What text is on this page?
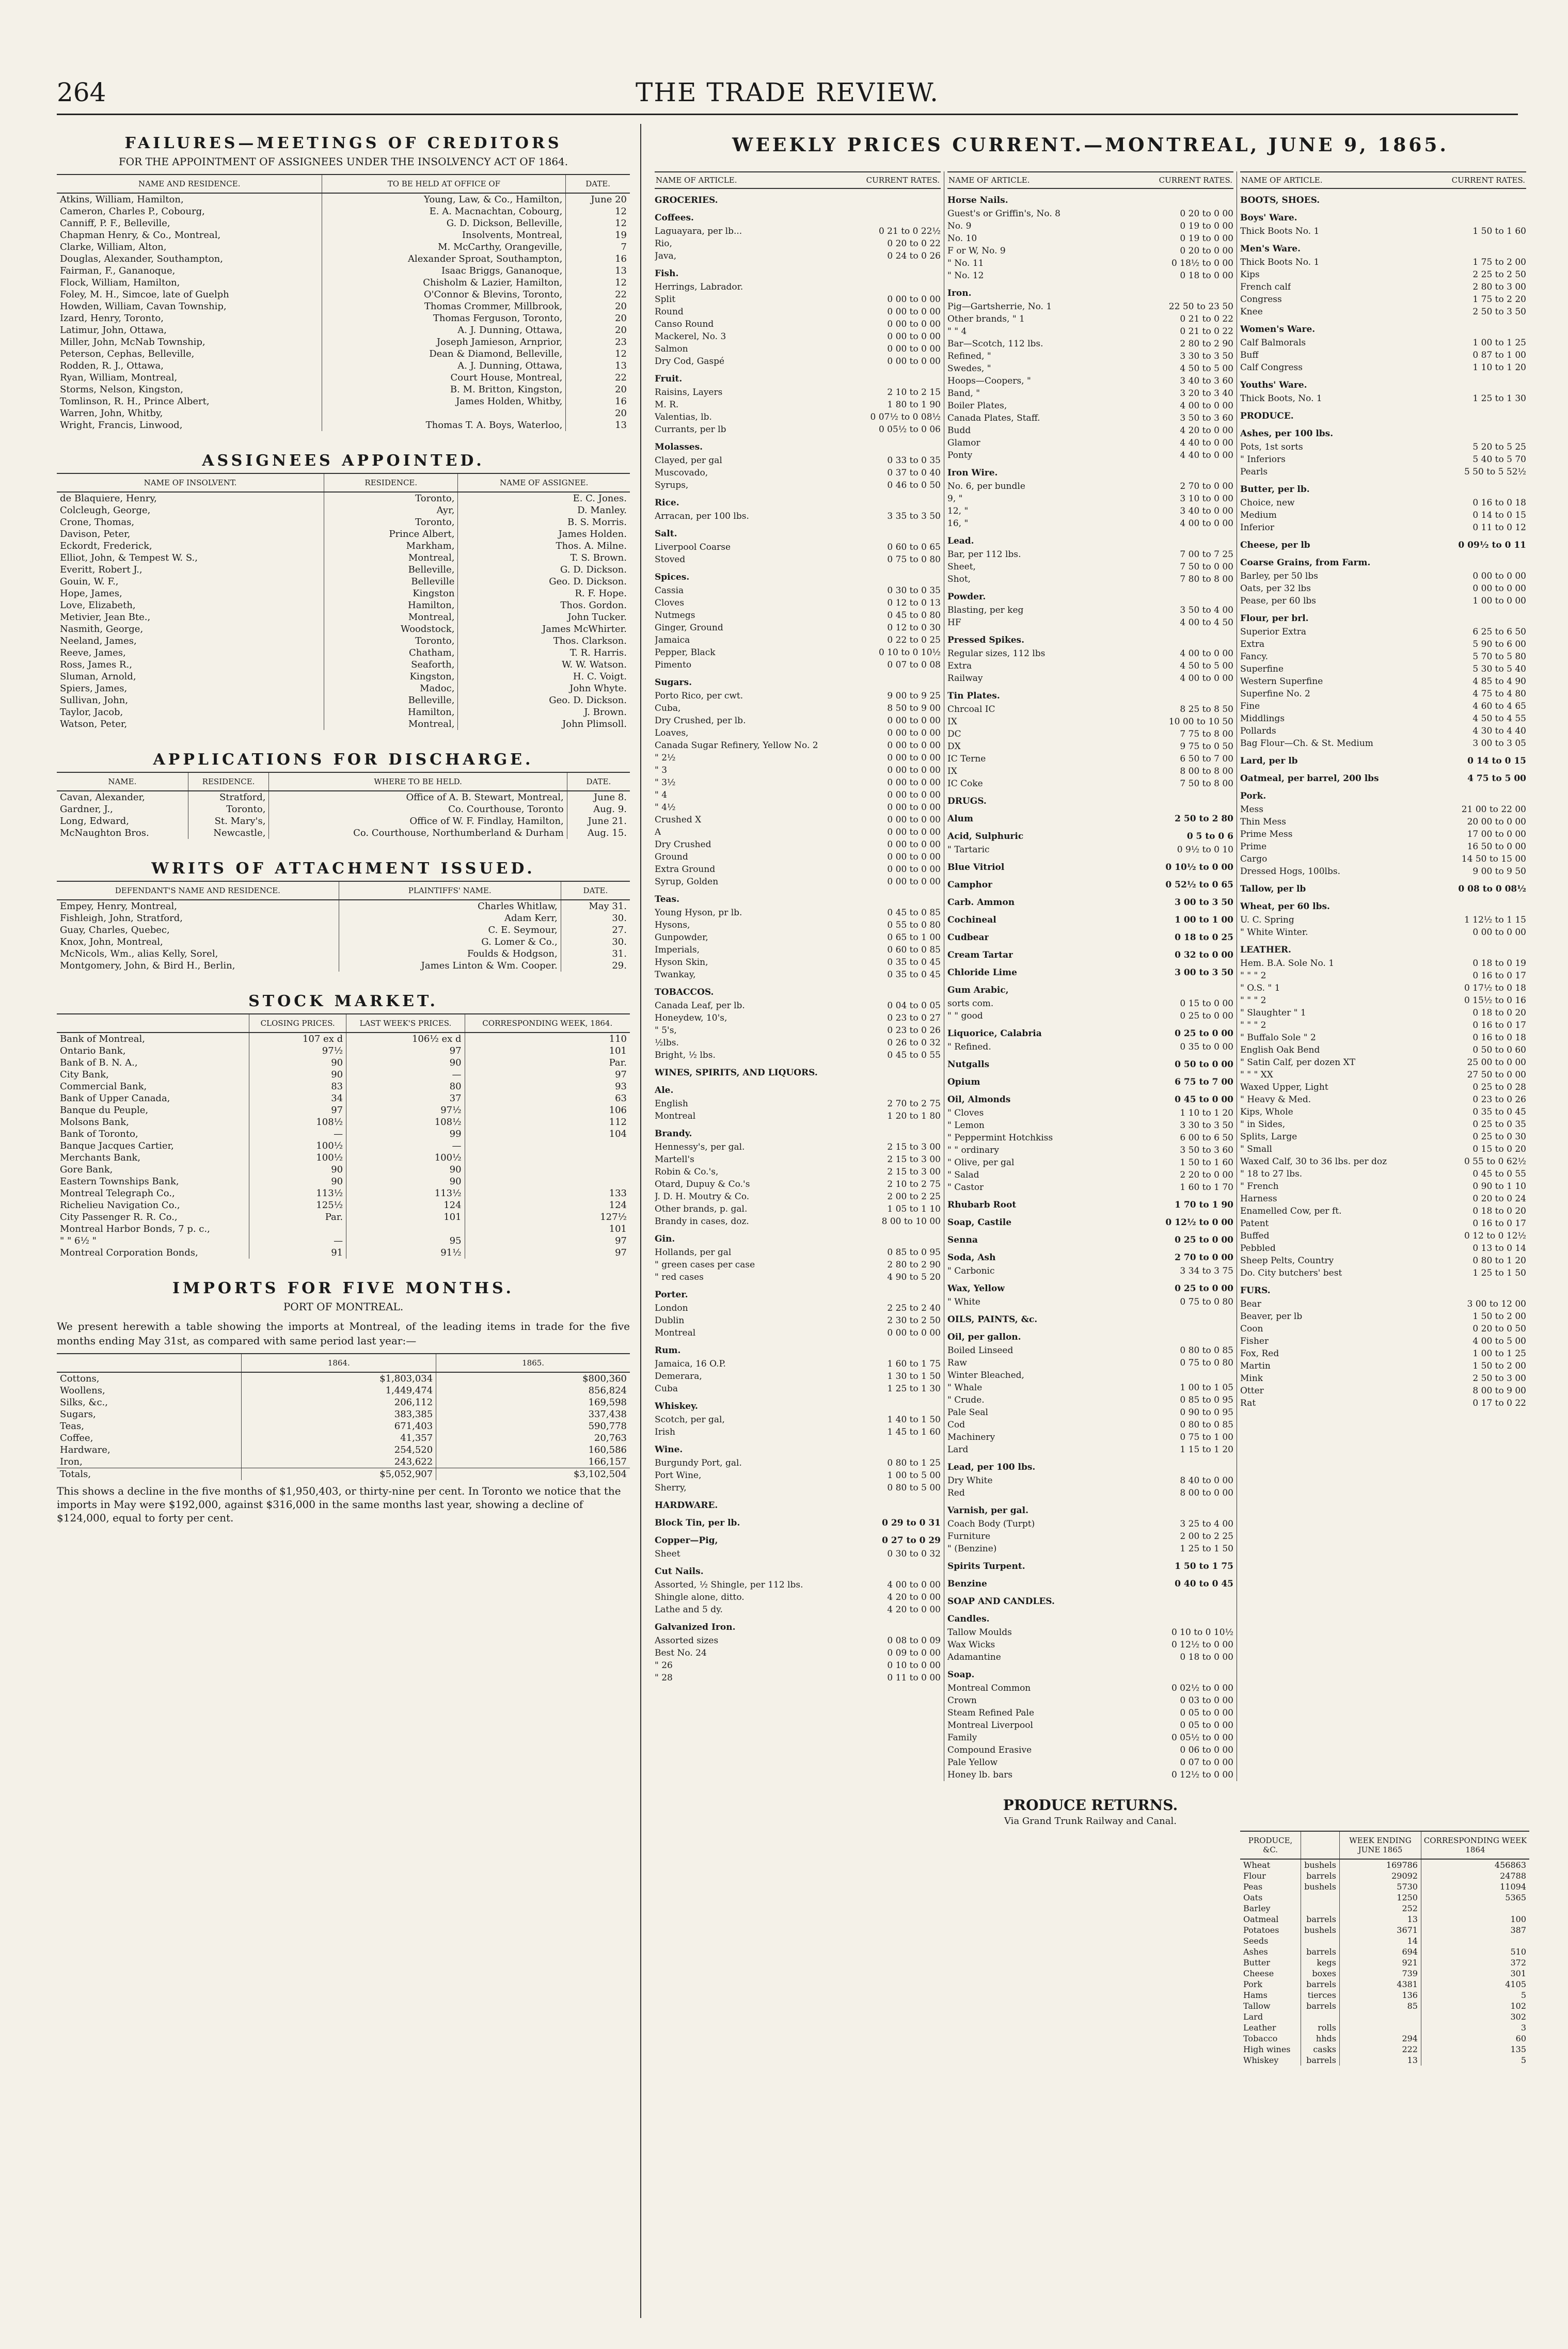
264	THE TRADE REVIEW.
FAILURES—MEETINGS OF CREDITORS
FOR THE APPOINTMENT OF ASSIGNEES UNDER THE INSOLVENCY ACT OF 1864.
NAME AND RESIDENCE.	TO BE HELD AT OFFICE OF	DATE.
Atkins, William, Hamilton,	Young, Law, & Co., Hamilton,	June 20
Cameron, Charles P., Cobourg,	E. A. Macnachtan, Cobourg,	12
Canniff, P. F., Belleville,	G. D. Dickson, Belleville,	12
Chapman Henry, & Co., Montreal,	Insolvents, Montreal,	19
Clarke, William, Alton,	M. McCarthy, Orangeville,	7
Douglas, Alexander, Southampton,	Alexander Sproat, Southampton,	16
Fairman, F., Gananoque,	Isaac Briggs, Gananoque,	13
Flock, William, Hamilton,	Chisholm & Lazier, Hamilton,	12
Foley, M. H., Simcoe, late of Guelph	O'Connor & Blevins, Toronto,	22
Howden, William, Cavan Township,	Thomas Crommer, Millbrook,	20
Izard, Henry, Toronto,	Thomas Ferguson, Toronto,	20
Latimur, John, Ottawa,	A. J. Dunning, Ottawa,	20
Miller, John, McNab Township,	Joseph Jamieson, Arnprior,	23
Peterson, Cephas, Belleville,	Dean & Diamond, Belleville,	12
Rodden, R. J., Ottawa,	A. J. Dunning, Ottawa,	13
Ryan, William, Montreal,	Court House, Montreal,	22
Storms, Nelson, Kingston,	B. M. Britton, Kingston,	20
Tomlinson, R. H., Prince Albert,	James Holden, Whitby,	16
Warren, John, Whitby,		20
Wright, Francis, Linwood,	Thomas T. A. Boys, Waterloo,	13
ASSIGNEES APPOINTED.
NAME OF INSOLVENT.	RESIDENCE.	NAME OF ASSIGNEE.
de Blaquiere, Henry,	Toronto,	E. C. Jones.
Colcleugh, George,	Ayr,	D. Manley.
Crone, Thomas,	Toronto,	B. S. Morris.
Davison, Peter,	Prince Albert,	James Holden.
Eckordt, Frederick,	Markham,	Thos. A. Milne.
Elliot, John, & Tempest W. S.,	Montreal,	T. S. Brown.
Everitt, Robert J.,	Belleville,	G. D. Dickson.
Gouin, W. F.,	Belleville	Geo. D. Dickson.
Hope, James,	Kingston	R. F. Hope.
Love, Elizabeth,	Hamilton,	Thos. Gordon.
Metivier, Jean Bte.,	Montreal,	John Tucker.
Nasmith, George,	Woodstock,	James McWhirter.
Neeland, James,	Toronto,	Thos. Clarkson.
Reeve, James,	Chatham,	T. R. Harris.
Ross, James R.,	Seaforth,	W. W. Watson.
Sluman, Arnold,	Kingston,	H. C. Voigt.
Spiers, James,	Madoc,	John Whyte.
Sullivan, John,	Belleville,	Geo. D. Dickson.
Taylor, Jacob,	Hamilton,	J. Brown.
Watson, Peter,	Montreal,	John Plimsoll.
APPLICATIONS FOR DISCHARGE.
NAME.	RESIDENCE.	WHERE TO BE HELD.	DATE.
Cavan, Alexander,	Stratford,	Office of A. B. Stewart, Montreal,	June 8.
Gardner, J.,	Toronto,	Co. Courthouse, Toronto	Aug. 9.
Long, Edward,	St. Mary's,	Office of W. F. Findlay, Hamilton,	June 21.
McNaughton Bros.	Newcastle,	Co. Courthouse, Northumberland & Durham	Aug. 15.
WRITS OF ATTACHMENT ISSUED.
DEFENDANT'S NAME AND RESIDENCE.	PLAINTIFFS' NAME.	DATE.
Empey, Henry, Montreal,	Charles Whitlaw,	May 31.
Fishleigh, John, Stratford,	Adam Kerr,	30.
Guay, Charles, Quebec,	C. E. Seymour,	27.
Knox, John, Montreal,	G. Lomer & Co.,	30.
McNicols, Wm., alias Kelly, Sorel,	Foulds & Hodgson,	31.
Montgomery, John, & Bird H., Berlin,	James Linton & Wm. Cooper.	29.
STOCK MARKET.
	CLOSING PRICES.	LAST WEEK'S PRICES.	CORRESPONDING WEEK, 1864.
Bank of Montreal,	107 ex d	106½ ex d	110
Ontario Bank,	97½	97	101
Bank of B. N. A.,	90	90	Par.
City Bank,	90	—	97
Commercial Bank,	83	80	93
Bank of Upper Canada,	34	37	63
Banque du Peuple,	97	97½	106
Molsons Bank,	108½	108½	112
Bank of Toronto,	—	99	104
Banque Jacques Cartier,	100½	—	
Merchants Bank,	100½	100½	
Gore Bank,	90	90	
Eastern Townships Bank,	90	90	
Montreal Telegraph Co.,	113½	113½	133
Richelieu Navigation Co.,	125½	124	124
City Passenger R. R. Co.,	Par.	101	127½
Montreal Harbor Bonds, 7 p. c.,			101
" " 6½ "	—	95	97
Montreal Corporation Bonds,	91	91½	97
IMPORTS FOR FIVE MONTHS.
PORT OF MONTREAL.

We present herewith a table showing the imports at Montreal, of the leading items in trade for the five months ending May 31st, as compared with same period last year:—

	1864.	1865.
Cottons,	$1,803,034	$800,360
Woollens,	1,449,474	856,824
Silks, &c.,	206,112	169,598
Sugars,	383,385	337,438
Teas,	671,403	590,778
Coffee,	41,357	20,763
Hardware,	254,520	160,586
Iron,	243,622	166,157
Totals,	$5,052,907	$3,102,504

This shows a decline in the five months of $1,950,403, or thirty-nine per cent. In Toronto we notice that the imports in May were $192,000, against $316,000 in the same months last year, showing a decline of $124,000, equal to forty per cent.

WEEKLY PRICES CURRENT.—MONTREAL, JUNE 9, 1865.
NAME OF ARTICLE.	CURRENT RATES.
GROCERIES.
Coffees.
Laguayara, per lb...	0 21 to 0 22½
Rio,	0 20 to 0 22
Java,	0 24 to 0 26
Fish.
Herrings, Labrador.
Split	0 00 to 0 00
Round	0 00 to 0 00
Canso Round	0 00 to 0 00
Mackerel, No. 3	0 00 to 0 00
Salmon	0 00 to 0 00
Dry Cod, Gaspé	0 00 to 0 00
Fruit.
Raisins, Layers	2 10 to 2 15
M. R.	1 80 to 1 90
Valentias, lb.	0 07½ to 0 08½
Currants, per lb	0 05½ to 0 06
Molasses.
Clayed, per gal	0 33 to 0 35
Muscovado,	0 37 to 0 40
Syrups,	0 46 to 0 50
Rice.
Arracan, per 100 lbs.	3 35 to 3 50
Salt.
Liverpool Coarse	0 60 to 0 65
Stoved	0 75 to 0 80
Spices.
Cassia	0 30 to 0 35
Cloves	0 12 to 0 13
Nutmegs	0 45 to 0 80
Ginger, Ground	0 12 to 0 30
Jamaica	0 22 to 0 25
Pepper, Black	0 10 to 0 10½
Pimento	0 07 to 0 08
Sugars.
Porto Rico, per cwt.	9 00 to 9 25
Cuba,	8 50 to 9 00
Dry Crushed, per lb.	0 00 to 0 00
Loaves,	0 00 to 0 00
Canada Sugar Refinery, Yellow No. 2	0 00 to 0 00
" 2½	0 00 to 0 00
" 3	0 00 to 0 00
" 3½	0 00 to 0 00
" 4	0 00 to 0 00
" 4½	0 00 to 0 00
Crushed X	0 00 to 0 00
A	0 00 to 0 00
Dry Crushed	0 00 to 0 00
Ground	0 00 to 0 00
Extra Ground	0 00 to 0 00
Syrup, Golden	0 00 to 0 00
Teas.
Young Hyson, pr lb.	0 45 to 0 85
Hysons,	0 55 to 0 80
Gunpowder,	0 65 to 1 00
Imperials,	0 60 to 0 85
Hyson Skin,	0 35 to 0 45
Twankay,	0 35 to 0 45
TOBACCOS.
Canada Leaf, per lb.	0 04 to 0 05
Honeydew, 10's,	0 23 to 0 27
" 5's,	0 23 to 0 26
½lbs.	0 26 to 0 32
Bright, ½ lbs.	0 45 to 0 55
WINES, SPIRITS, AND LIQUORS.
Ale.
English	2 70 to 2 75
Montreal	1 20 to 1 80
Brandy.
Hennessy's, per gal.	2 15 to 3 00
Martell's	2 15 to 3 00
Robin & Co.'s,	2 15 to 3 00
Otard, Dupuy & Co.'s	2 10 to 2 75
J. D. H. Moutry & Co.	2 00 to 2 25
Other brands, p. gal.	1 05 to 1 10
Brandy in cases, doz.	8 00 to 10 00
Gin.
Hollands, per gal	0 85 to 0 95
" green cases per case	2 80 to 2 90
" red cases	4 90 to 5 20
Porter.
London	2 25 to 2 40
Dublin	2 30 to 2 50
Montreal	0 00 to 0 00
Rum.
Jamaica, 16 O.P.	1 60 to 1 75
Demerara,	1 30 to 1 50
Cuba	1 25 to 1 30
Whiskey.
Scotch, per gal,	1 40 to 1 50
Irish	1 45 to 1 60
Wine.
Burgundy Port, gal.	0 80 to 1 25
Port Wine,	1 00 to 5 00
Sherry,	0 80 to 5 00
HARDWARE.
Block Tin, per lb.	0 29 to 0 31
Copper—Pig,	0 27 to 0 29
Sheet	0 30 to 0 32
Cut Nails.
Assorted, ½ Shingle, per 112 lbs.	4 00 to 0 00
Shingle alone, ditto.	4 20 to 0 00
Lathe and 5 dy.	4 20 to 0 00
Galvanized Iron.
Assorted sizes	0 08 to 0 09
Best No. 24	0 09 to 0 00
" 26	0 10 to 0 00
" 28	0 11 to 0 00
NAME OF ARTICLE.	CURRENT RATES.
Horse Nails.
Guest's or Griffin's, No. 8	0 20 to 0 00
No. 9	0 19 to 0 00
No. 10	0 19 to 0 00
F or W, No. 9	0 20 to 0 00
" No. 11	0 18½ to 0 00
" No. 12	0 18 to 0 00
Iron.
Pig—Gartsherrie, No. 1	22 50 to 23 50
Other brands, " 1	0 21 to 0 22
" " 4	0 21 to 0 22
Bar—Scotch, 112 lbs.	2 80 to 2 90
Refined, "	3 30 to 3 50
Swedes, "	4 50 to 5 00
Hoops—Coopers, "	3 40 to 3 60
Band, "	3 20 to 3 40
Boiler Plates,	4 00 to 0 00
Canada Plates, Staff.	3 50 to 3 60
Budd	4 20 to 0 00
Glamor	4 40 to 0 00
Ponty	4 40 to 0 00
Iron Wire.
No. 6, per bundle	2 70 to 0 00
9, "	3 10 to 0 00
12, "	3 40 to 0 00
16, "	4 00 to 0 00
Lead.
Bar, per 112 lbs.	7 00 to 7 25
Sheet,	7 50 to 0 00
Shot,	7 80 to 8 00
Powder.
Blasting, per keg	3 50 to 4 00
HF	4 00 to 4 50
Pressed Spikes.
Regular sizes, 112 lbs	4 00 to 0 00
Extra	4 50 to 5 00
Railway	4 00 to 0 00
Tin Plates.
Chrcoal IC	8 25 to 8 50
IX	10 00 to 10 50
DC	7 75 to 8 00
DX	9 75 to 0 50
IC Terne	6 50 to 7 00
IX	8 00 to 8 00
IC Coke	7 50 to 8 00
DRUGS.
Alum	2 50 to 2 80
Acid, Sulphuric	0 5 to 0 6
" Tartaric	0 9½ to 0 10
Blue Vitriol	0 10½ to 0 00
Camphor	0 52½ to 0 65
Carb. Ammon	3 00 to 3 50
Cochineal	1 00 to 1 00
Cudbear	0 18 to 0 25
Cream Tartar	0 32 to 0 00
Chloride Lime	3 00 to 3 50
Gum Arabic,
sorts com.	0 15 to 0 00
" " good	0 25 to 0 00
Liquorice, Calabria	0 25 to 0 00
" Refined.	0 35 to 0 00
Nutgalls	0 50 to 0 00
Opium	6 75 to 7 00
Oil, Almonds	0 45 to 0 00
" Cloves	1 10 to 1 20
" Lemon	3 30 to 3 50
" Peppermint Hotchkiss	6 00 to 6 50
" " ordinary	3 50 to 3 60
" Olive, per gal	1 50 to 1 60
" Salad	2 20 to 0 00
" Castor	1 60 to 1 70
Rhubarb Root	1 70 to 1 90
Soap, Castile	0 12½ to 0 00
Senna	0 25 to 0 00
Soda, Ash	2 70 to 0 00
" Carbonic	3 34 to 3 75
Wax, Yellow	0 25 to 0 00
" White	0 75 to 0 80
OILS, PAINTS, &c.
Oil, per gallon.
Boiled Linseed	0 80 to 0 85
Raw	0 75 to 0 80
Winter Bleached,
" Whale	1 00 to 1 05
" Crude.	0 85 to 0 95
Pale Seal	0 90 to 0 95
Cod	0 80 to 0 85
Machinery	0 75 to 1 00
Lard	1 15 to 1 20
Lead, per 100 lbs.
Dry White	8 40 to 0 00
Red	8 00 to 0 00
Varnish, per gal.
Coach Body (Turpt)	3 25 to 4 00
Furniture	2 00 to 2 25
" (Benzine)	1 25 to 1 50
Spirits Turpent.	1 50 to 1 75
Benzine	0 40 to 0 45
SOAP AND CANDLES.
Candles.
Tallow Moulds	0 10 to 0 10½
Wax Wicks	0 12½ to 0 00
Adamantine	0 18 to 0 00
Soap.
Montreal Common	0 02½ to 0 00
Crown	0 03 to 0 00
Steam Refined Pale	0 05 to 0 00
Montreal Liverpool	0 05 to 0 00
Family	0 05½ to 0 00
Compound Erasive	0 06 to 0 00
Pale Yellow	0 07 to 0 00
Honey lb. bars	0 12½ to 0 00
NAME OF ARTICLE.	CURRENT RATES.
BOOTS, SHOES.
Boys' Ware.
Thick Boots No. 1	1 50 to 1 60
Men's Ware.
Thick Boots No. 1	1 75 to 2 00
Kips	2 25 to 2 50
French calf	2 80 to 3 00
Congress	1 75 to 2 20
Knee	2 50 to 3 50
Women's Ware.
Calf Balmorals	1 00 to 1 25
Buff	0 87 to 1 00
Calf Congress	1 10 to 1 20
Youths' Ware.
Thick Boots, No. 1	1 25 to 1 30
PRODUCE.
Ashes, per 100 lbs.
Pots, 1st sorts	5 20 to 5 25
" Inferiors	5 40 to 5 70
Pearls	5 50 to 5 52½
Butter, per lb.
Choice, new	0 16 to 0 18
Medium	0 14 to 0 15
Inferior	0 11 to 0 12
Cheese, per lb	0 09½ to 0 11
Coarse Grains, from Farm.
Barley, per 50 lbs	0 00 to 0 00
Oats, per 32 lbs	0 00 to 0 00
Pease, per 60 lbs	1 00 to 0 00
Flour, per brl.
Superior Extra	6 25 to 6 50
Extra	5 90 to 6 00
Fancy.	5 70 to 5 80
Superfine	5 30 to 5 40
Western Superfine	4 85 to 4 90
Superfine No. 2	4 75 to 4 80
Fine	4 60 to 4 65
Middlings	4 50 to 4 55
Pollards	4 30 to 4 40
Bag Flour—Ch. & St. Medium	3 00 to 3 05
Lard, per lb	0 14 to 0 15
Oatmeal, per barrel, 200 lbs	4 75 to 5 00
Pork.
Mess	21 00 to 22 00
Thin Mess	20 00 to 0 00
Prime Mess	17 00 to 0 00
Prime	16 50 to 0 00
Cargo	14 50 to 15 00
Dressed Hogs, 100lbs.	9 00 to 9 50
Tallow, per lb	0 08 to 0 08½
Wheat, per 60 lbs.
U. C. Spring	1 12½ to 1 15
" White Winter.	0 00 to 0 00
LEATHER.
Hem. B.A. Sole No. 1	0 18 to 0 19
" " " 2	0 16 to 0 17
" O.S. " 1	0 17½ to 0 18
" " " 2	0 15½ to 0 16
" Slaughter " 1	0 18 to 0 20
" " " 2	0 16 to 0 17
" Buffalo Sole " 2	0 16 to 0 18
English Oak Bend	0 50 to 0 60
" Satin Calf, per dozen XT	25 00 to 0 00
" " " XX	27 50 to 0 00
Waxed Upper, Light	0 25 to 0 28
" Heavy & Med.	0 23 to 0 26
Kips, Whole	0 35 to 0 45
" in Sides,	0 25 to 0 35
Splits, Large	0 25 to 0 30
" Small	0 15 to 0 20
Waxed Calf, 30 to 36 lbs. per doz	0 55 to 0 62½
" 18 to 27 lbs.	0 45 to 0 55
" French	0 90 to 1 10
Harness	0 20 to 0 24
Enamelled Cow, per ft.	0 18 to 0 20
Patent	0 16 to 0 17
Buffed	0 12 to 0 12½
Pebbled	0 13 to 0 14
Sheep Pelts, Country	0 80 to 1 20
Do. City butchers' best	1 25 to 1 50
FURS.
Bear	3 00 to 12 00
Beaver, per lb	1 50 to 2 00
Coon	0 20 to 0 50
Fisher	4 00 to 5 00
Fox, Red	1 00 to 1 25
Martin	1 50 to 2 00
Mink	2 50 to 3 00
Otter	8 00 to 9 00
Rat	0 17 to 0 22
PRODUCE RETURNS.
Via Grand Trunk Railway and Canal.
PRODUCE, &C.		WEEK ENDING JUNE 1865	CORRESPONDING WEEK 1864
Wheat	bushels	169786	456863
Flour	barrels	29092	24788
Peas	bushels	5730	11094
Oats		1250	5365
Barley		252	
Oatmeal	barrels	13	100
Potatoes	bushels	3671	387
Seeds		14	
Ashes	barrels	694	510
Butter	kegs	921	372
Cheese	boxes	739	301
Pork	barrels	4381	4105
Hams	tierces	136	5
Tallow	barrels	85	102
Lard			302
Leather	rolls		3
Tobacco	hhds	294	60
High wines	casks	222	135
Whiskey	barrels	13	5
